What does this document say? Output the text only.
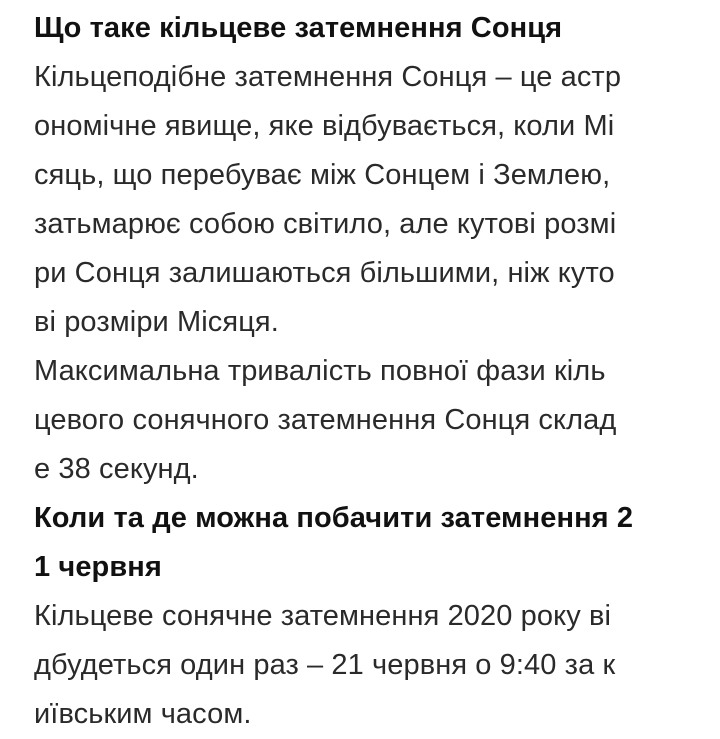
Що таке кільцеве затемнення Сонця
Кільцеподібне затемнення Сонця – це астр
ономічне явище, яке відбувається, коли Мі
сяць, що перебуває між Сонцем і Землею,
затьмарює собою світило, але кутові розмі
ри Сонця залишаються більшими, ніж куто
ві розміри Місяця.
Максимальна тривалість повної фази кіль
цевого сонячного затемнення Сонця склад
е 38 секунд.
Коли та де можна побачити затемнення 2
1 червня
Кільцеве сонячне затемнення 2020 року ві
дбудеться один раз – 21 червня о 9:40 за к
иївським часом.
